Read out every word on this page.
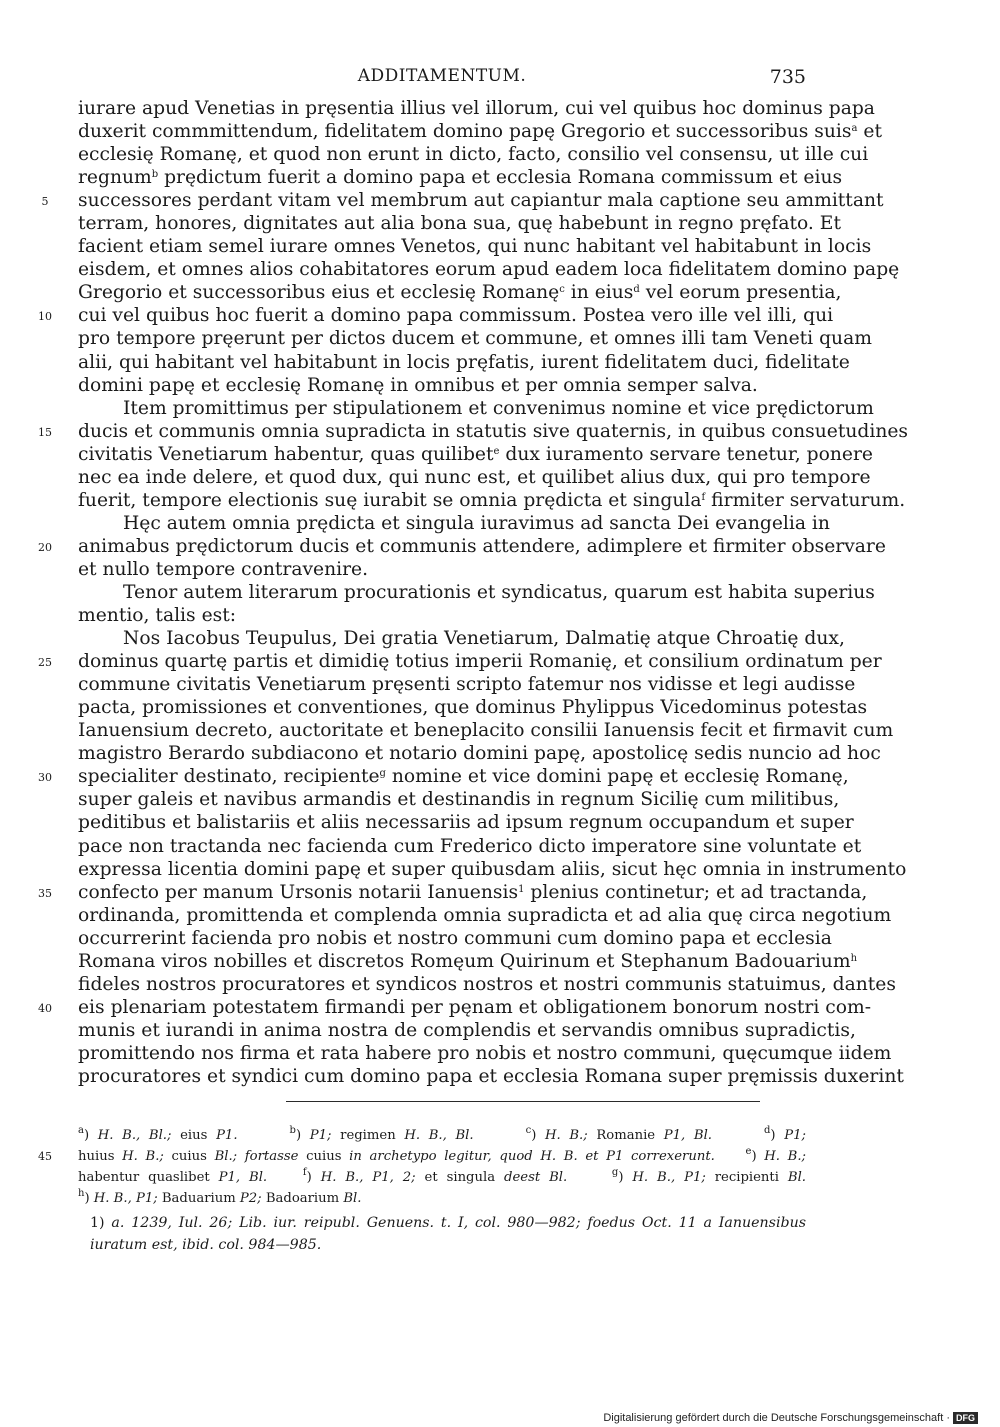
ADDITAMENTUM.	735
iurare apud Venetias in pręsentia illius vel illorum, cui vel quibus hoc dominus papa
duxerit commmittendum, fidelitatem domino papę Gregorio et successoribus suis$^a$ et
ecclesię Romanę, et quod non erunt in dicto, facto, consilio vel consensu, ut ille cui
regnum$^b$ prędictum fuerit a domino papa et ecclesia Romana commissum et eius
5	successores perdant vitam vel membrum aut capiantur mala captione seu ammittant
terram, honores, dignitates aut alia bona sua, quę habebunt in regno pręfato. Et
facient etiam semel iurare omnes Venetos, qui nunc habitant vel habitabunt in locis
eisdem, et omnes alios cohabitatores eorum apud eadem loca fidelitatem domino papę
Gregorio et successoribus eius et ecclesię Romanę$^c$ in eius$^d$ vel eorum presentia,
10	cui vel quibus hoc fuerit a domino papa commissum. Postea vero ille vel illi, qui
pro tempore pręerunt per dictos ducem et commune, et omnes illi tam Veneti quam
alii, qui habitant vel habitabunt in locis pręfatis, iurent fidelitatem duci, fidelitate
domini papę et ecclesię Romanę in omnibus et per omnia semper salva.
Item promittimus per stipulationem et convenimus nomine et vice prędictorum
15	ducis et communis omnia supradicta in statutis sive quaternis, in quibus consuetudines
civitatis Venetiarum habentur, quas quilibet$^e$ dux iuramento servare tenetur, ponere
nec ea inde delere, et quod dux, qui nunc est, et quilibet alius dux, qui pro tempore
fuerit, tempore electionis suę iurabit se omnia prędicta et singula$^f$ firmiter servaturum.
Hęc autem omnia prędicta et singula iuravimus ad sancta Dei evangelia in
20	animabus prędictorum ducis et communis attendere, adimplere et firmiter observare
et nullo tempore contravenire.
Tenor autem literarum procurationis et syndicatus, quarum est habita superius
mentio, talis est:
Nos Iacobus Teupulus, Dei gratia Venetiarum, Dalmatię atque Chroatię dux,
25	dominus quartę partis et dimidię totius imperii Romanię, et consilium ordinatum per
commune civitatis Venetiarum pręsenti scripto fatemur nos vidisse et legi audisse
pacta, promissiones et conventiones, que dominus Phylippus Vicedominus potestas
Ianuensium decreto, auctoritate et beneplacito consilii Ianuensis fecit et firmavit cum
magistro Berardo subdiacono et notario domini papę, apostolicę sedis nuncio ad hoc
30	specialiter destinato, recipiente$^g$ nomine et vice domini papę et ecclesię Romanę,
super galeis et navibus armandis et destinandis in regnum Sicilię cum militibus,
peditibus et balistariis et aliis necessariis ad ipsum regnum occupandum et super
pace non tractanda nec facienda cum Frederico dicto imperatore sine voluntate et
expressa licentia domini papę et super quibusdam aliis, sicut hęc omnia in instrumento
35	confecto per manum Ursonis notarii Ianuensis$^1$ plenius continetur; et ad tractanda,
ordinanda, promittenda et complenda omnia supradicta et ad alia quę circa negotium
occurrerint facienda pro nobis et nostro communi cum domino papa et ecclesia
Romana viros nobilles et discretos Romęum Quirinum et Stephanum Badouarium$^h$
fideles nostros procuratores et syndicos nostros et nostri communis statuimus, dantes
40	eis plenariam potestatem firmandi per pęnam et obligationem bonorum nostri com-
munis et iurandi in anima nostra de complendis et servandis omnibus supradictis,
promittendo nos firma et rata habere pro nobis et nostro communi, quęcumque iidem
procuratores et syndici cum domino papa et ecclesia Romana super pręmissis duxerint
$^a$) H. B., Bl.; eius P1.	$^b$) P1; regimen H. B., Bl.	$^c$) H. B.; Romanie P1, Bl.	$^d$) P1;
45	huius H. B.; cuius Bl.; fortasse cuius in archetypo legitur, quod H. B. et P1 correxerunt.	$^e$) H. B.;
habentur quaslibet P1, Bl.	$^f$) H. B., P1, 2; et singula deest Bl.	$^g$) H. B., P1; recipienti Bl.
$^h$) H. B., P1; Baduarium P2; Badoarium Bl.
1) a. 1239, Iul. 26; Lib. iur. reipubl. Genuens. t. I, col. 980—982; foedus Oct. 11 a Ianuensibus
iuratum est, ibid. col. 984—985.
Digitalisierung gefördert durch die Deutsche Forschungsgemeinschaft · DFG
